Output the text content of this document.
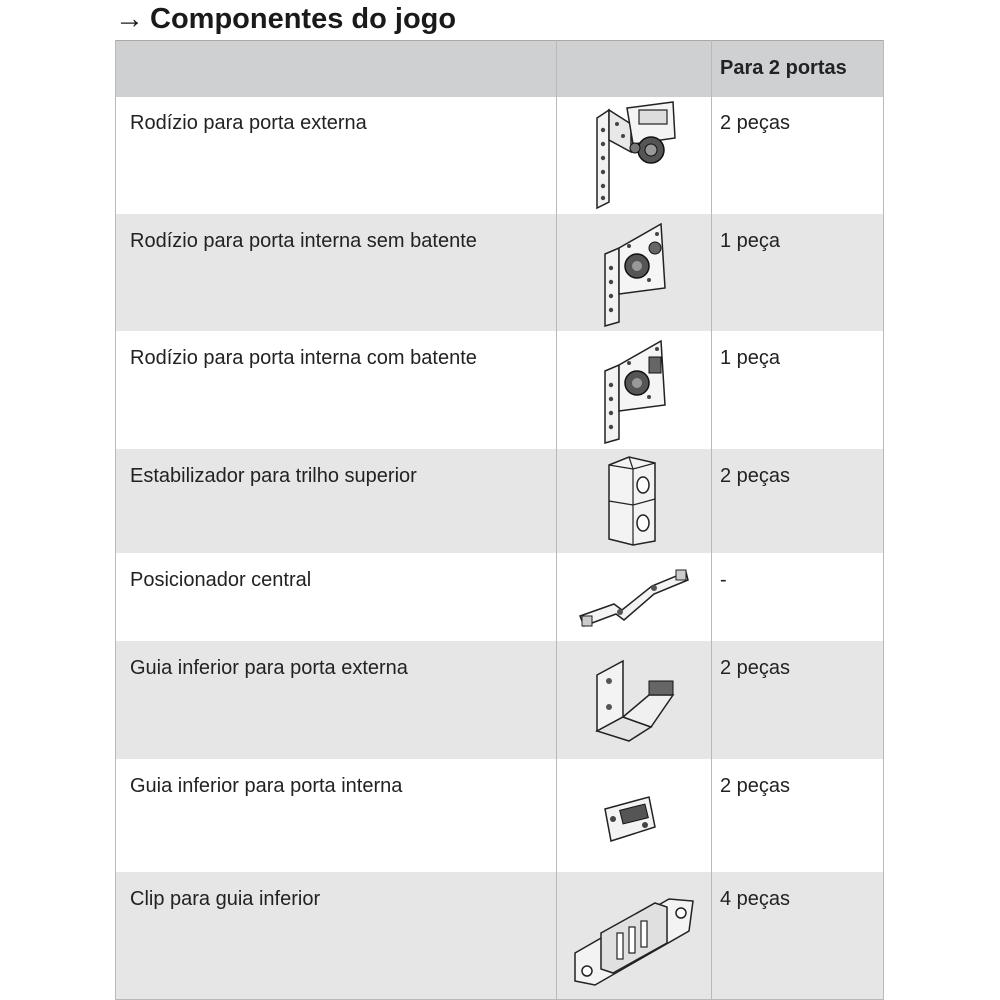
→ Componentes do jogo
Para 2 portas
Rodízio para porta externa	2 peças
Rodízio para porta interna sem batente	1 peça
Rodízio para porta interna com batente	1 peça
Estabilizador para trilho superior	2 peças
Posicionador central	-
Guia inferior para porta externa	2 peças
Guia inferior para porta interna	2 peças
Clip para guia inferior	4 peças
